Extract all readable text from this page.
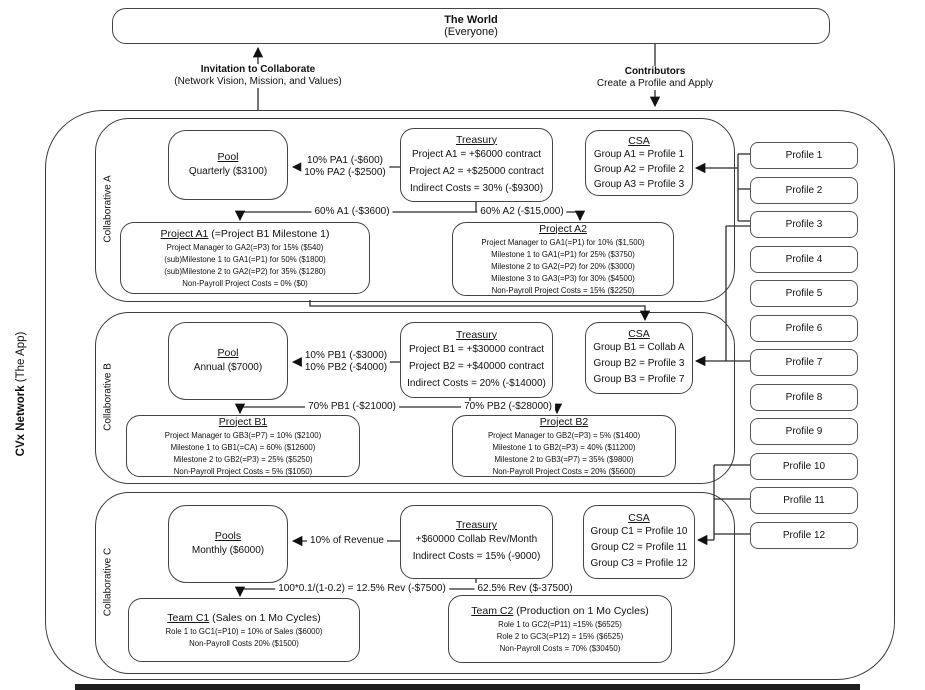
The World
(Everyone)
Invitation to Collaborate
(Network Vision, Mission, and Values)
Contributors
Create a Profile and Apply
CVx Network (The App)
Collaborative A
Collaborative B
Collaborative C
Pool
Quarterly ($3100)
Treasury
Project A1 = +$6000 contract
Project A2 = +$25000 contract
Indirect Costs = 30% (-$9300)
CSA
Group A1 = Profile 1
Group A2 = Profile 2
Group A3 = Profile 3
10% PA1 (-$600)
10% PA2 (-$2500)
60% A1 (-$3600)	60% A2 (-$15,000)
Project A1 (=Project B1 Milestone 1)
Project Manager to GA2(=P3) for 15% ($540)
(sub)Milestone 1 to GA1(=P1) for 50% ($1800)
(sub)Milestone 2 to GA2(=P2) for 35% ($1280)
Non-Payroll Project Costs = 0% ($0)
Project A2
Project Manager to GA1(=P1) for 10% ($1,500)
Milestone 1 to GA1(=P1) for 25% ($3750)
Milestone 2 to GA2(=P2) for 20% ($3000)
Milestone 3 to GA3(=P3) for 30% ($4500)
Non-Payroll Project Costs = 15% ($2250)
Pool
Annual ($7000)
Treasury
Project B1 = +$30000 contract
Project B2 = +$40000 contract
Indirect Costs = 20% (-$14000)
CSA
Group B1 = Collab A
Group B2 = Profile 3
Group B3 = Profile 7
10% PB1 (-$3000)
10% PB2 (-$4000)
70% PB1 (-$21000)	70% PB2 (-$28000)
Project B1
Project Manager to GB3(=P7) = 10% ($2100)
Milestone 1 to GB1(=CA) = 60% ($12600)
Milestone 2 to GB2(=P3) = 25% ($5250)
Non-Payroll Project Costs = 5% ($1050)
Project B2
Project Manager to GB2(=P3) = 5% ($1400)
Milestone 1 to GB2(=P3) = 40% ($11200)
Milestone 2 to GB3(=P7) = 35% ($9800)
Non-Payroll Project Costs = 20% ($5600)
Pools
Monthly ($6000)
Treasury
+$60000 Collab Rev/Month
Indirect Costs = 15% (-9000)
CSA
Group C1 = Profile 10
Group C2 = Profile 11
Group C3 = Profile 12
10% of Revenue
100*0.1/(1-0.2) = 12.5% Rev (-$7500)	62.5% Rev ($-37500)
Team C1 (Sales on 1 Mo Cycles)
Role 1 to GC1(=P10) = 10% of Sales ($6000)
Non-Payroll Costs 20% ($1500)
Team C2 (Production on 1 Mo Cycles)
Role 1 to GC2(=P11) =15% ($6525)
Role 2 to GC3(=P12) = 15% ($6525)
Non-Payroll Costs = 70% ($30450)
Profile 1
Profile 2
Profile 3
Profile 4
Profile 5
Profile 6
Profile 7
Profile 8
Profile 9
Profile 10
Profile 11
Profile 12
